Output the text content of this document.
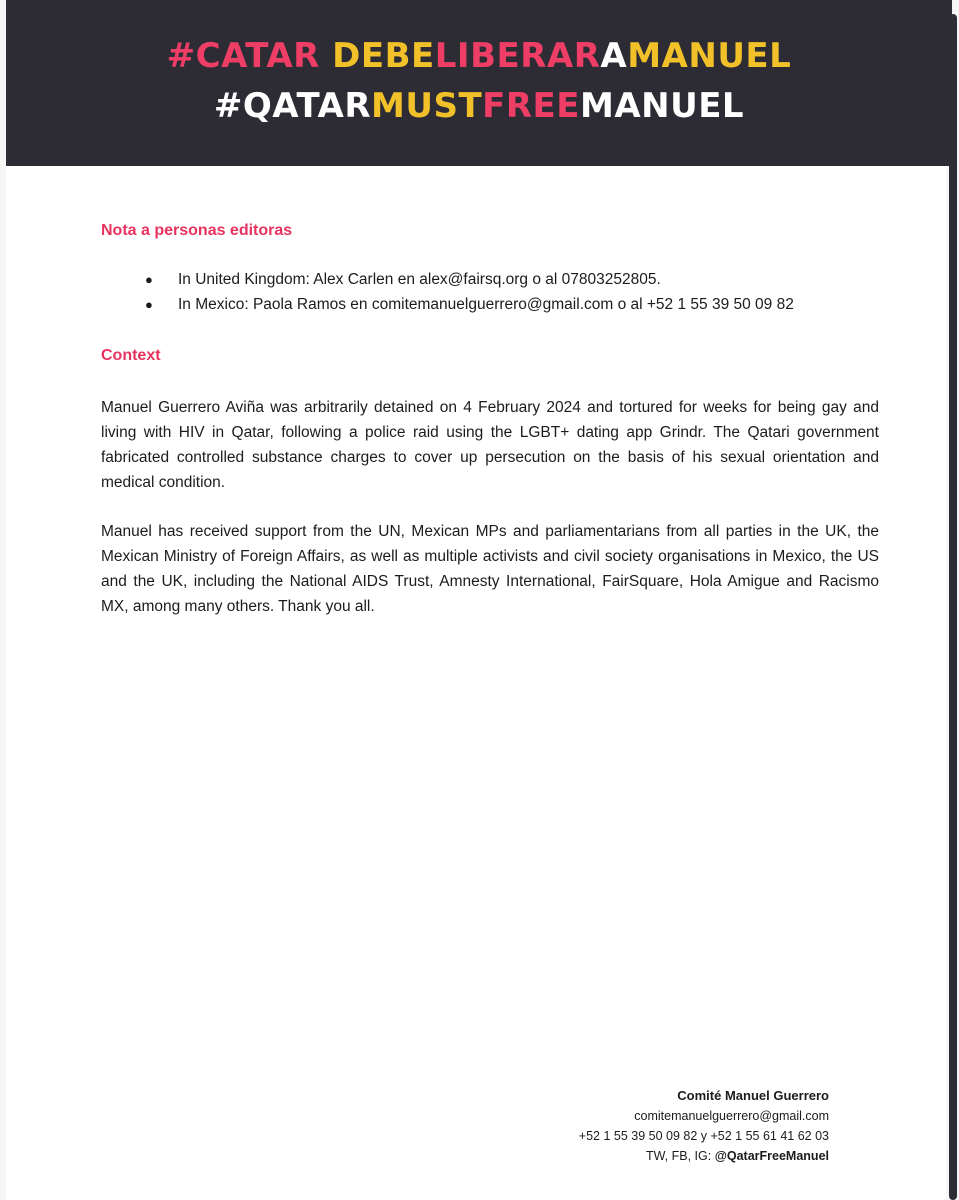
#CATAR DEBELIBERARAMANUEL
#QATARMUSTFREEMANUEL
Nota a personas editoras
● In United Kingdom: Alex Carlen en alex@fairsq.org o al 07803252805.
● In Mexico: Paola Ramos en comitemanuelguerrero@gmail.com o al +52 1 55 39 50 09 82
Context

Manuel Guerrero Aviña was arbitrarily detained on 4 February 2024 and tortured for weeks for being gay and living with HIV in Qatar, following a police raid using the LGBT+ dating app Grindr. The Qatari government fabricated controlled substance charges to cover up persecution on the basis of his sexual orientation and medical condition.

Manuel has received support from the UN, Mexican MPs and parliamentarians from all parties in the UK, the Mexican Ministry of Foreign Affairs, as well as multiple activists and civil society organisations in Mexico, the US and the UK, including the National AIDS Trust, Amnesty International, FairSquare, Hola Amigue and Racismo MX, among many others. Thank you all.

Comité Manuel Guerrero
comitemanuelguerrero@gmail.com
+52 1 55 39 50 09 82 y +52 1 55 61 41 62 03
TW, FB, IG: @QatarFreeManuel
